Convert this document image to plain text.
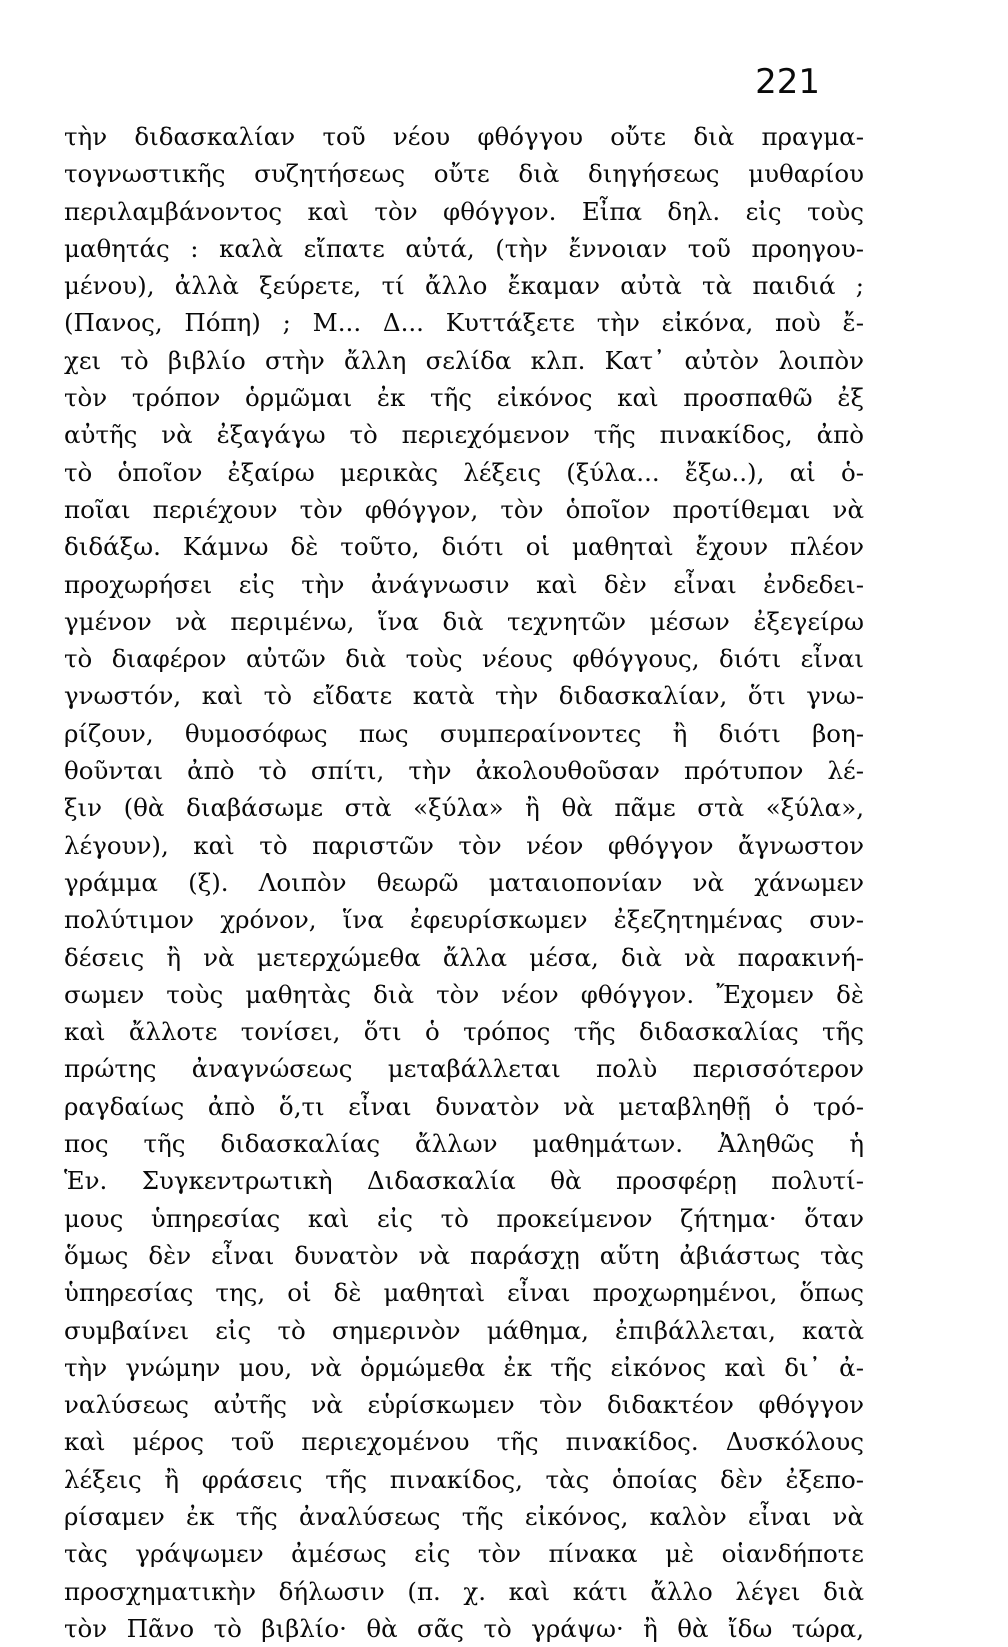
221
τὴν διδασκαλίαν τοῦ νέου φθόγγου οὔτε διὰ πραγμα-
τογνωστικῆς συζητήσεως οὔτε διὰ διηγήσεως μυθαρίου
περιλαμβάνοντος καὶ τὸν φθόγγον. Εἶπα δηλ. εἰς τοὺς
μαθητάς : καλὰ εἴπατε αὐτά, (τὴν ἔννοιαν τοῦ προηγου-
μένου), ἀλλὰ ξεύρετε, τί ἄλλο ἔκαμαν αὐτὰ τὰ παιδιά ;
(Πανος, Πόπη) ; Μ... Δ... Κυττάξετε τὴν εἰκόνα, ποὺ ἔ-
χει τὸ βιβλίο στὴν ἄλλη σελίδα κλπ. Κατ᾿ αὐτὸν λοιπὸν
τὸν τρόπον ὁρμῶμαι ἐκ τῆς εἰκόνος καὶ προσπαθῶ ἐξ
αὐτῆς νὰ ἐξαγάγω τὸ περιεχόμενον τῆς πινακίδος, ἀπὸ
τὸ ὁποῖον ἐξαίρω μερικὰς λέξεις (ξύλα... ἔξω..), αἱ ὁ-
ποῖαι περιέχουν τὸν φθόγγον, τὸν ὁποῖον προτίθεμαι νὰ
διδάξω. Κάμνω δὲ τοῦτο, διότι οἱ μαθηταὶ ἔχουν πλέον
προχωρήσει εἰς τὴν ἀνάγνωσιν καὶ δὲν εἶναι ἐνδεδει-
γμένον νὰ περιμένω, ἵνα διὰ τεχνητῶν μέσων ἐξεγείρω
τὸ διαφέρον αὐτῶν διὰ τοὺς νέους φθόγγους, διότι εἶναι
γνωστόν, καὶ τὸ εἴδατε κατὰ τὴν διδασκαλίαν, ὅτι γνω-
ρίζουν, θυμοσόφως πως συμπεραίνοντες ἢ διότι βοη-
θοῦνται ἀπὸ τὸ σπίτι, τὴν ἀκολουθοῦσαν πρότυπον λέ-
ξιν (θὰ διαβάσωμε στὰ «ξύλα» ἢ θὰ πᾶμε στὰ «ξύλα»,
λέγουν), καὶ τὸ παριστῶν τὸν νέον φθόγγον ἄγνωστον
γράμμα (ξ). Λοιπὸν θεωρῶ ματαιοπονίαν νὰ χάνωμεν
πολύτιμον χρόνον, ἵνα ἐφευρίσκωμεν ἐξεζητημένας συν-
δέσεις ἢ νὰ μετερχώμεθα ἄλλα μέσα, διὰ νὰ παρακινή-
σωμεν τοὺς μαθητὰς διὰ τὸν νέον φθόγγον. Ἔχομεν δὲ
καὶ ἄλλοτε τονίσει, ὅτι ὁ τρόπος τῆς διδασκαλίας τῆς
πρώτης ἀναγνώσεως μεταβάλλεται πολὺ περισσότερον
ραγδαίως ἀπὸ ὅ,τι εἶναι δυνατὸν νὰ μεταβληθῇ ὁ τρό-
πος τῆς διδασκαλίας ἄλλων μαθημάτων. Ἀληθῶς ἡ
Ἑν. Συγκεντρωτικὴ Διδασκαλία θὰ προσφέρῃ πολυτί-
μους ὑπηρεσίας καὶ εἰς τὸ προκείμενον ζήτημα· ὅταν
ὅμως δὲν εἶναι δυνατὸν νὰ παράσχῃ αὕτη ἀβιάστως τὰς
ὑπηρεσίας της, οἱ δὲ μαθηταὶ εἶναι προχωρημένοι, ὅπως
συμβαίνει εἰς τὸ σημερινὸν μάθημα, ἐπιβάλλεται, κατὰ
τὴν γνώμην μου, νὰ ὁρμώμεθα ἐκ τῆς εἰκόνος καὶ δι᾿ ἀ-
ναλύσεως αὐτῆς νὰ εὑρίσκωμεν τὸν διδακτέον φθόγγον
καὶ μέρος τοῦ περιεχομένου τῆς πινακίδος. Δυσκόλους
λέξεις ἢ φράσεις τῆς πινακίδος, τὰς ὁποίας δὲν ἐξεπο-
ρίσαμεν ἐκ τῆς ἀναλύσεως τῆς εἰκόνος, καλὸν εἶναι νὰ
τὰς γράψωμεν ἀμέσως εἰς τὸν πίνακα μὲ οἱανδήποτε
προσχηματικὴν δήλωσιν (π. χ. καὶ κάτι ἄλλο λέγει διὰ
τὸν Πᾶνο τὸ βιβλίο· θὰ σᾶς τὸ γράψω· ἢ θὰ ἴδω τώρα,
